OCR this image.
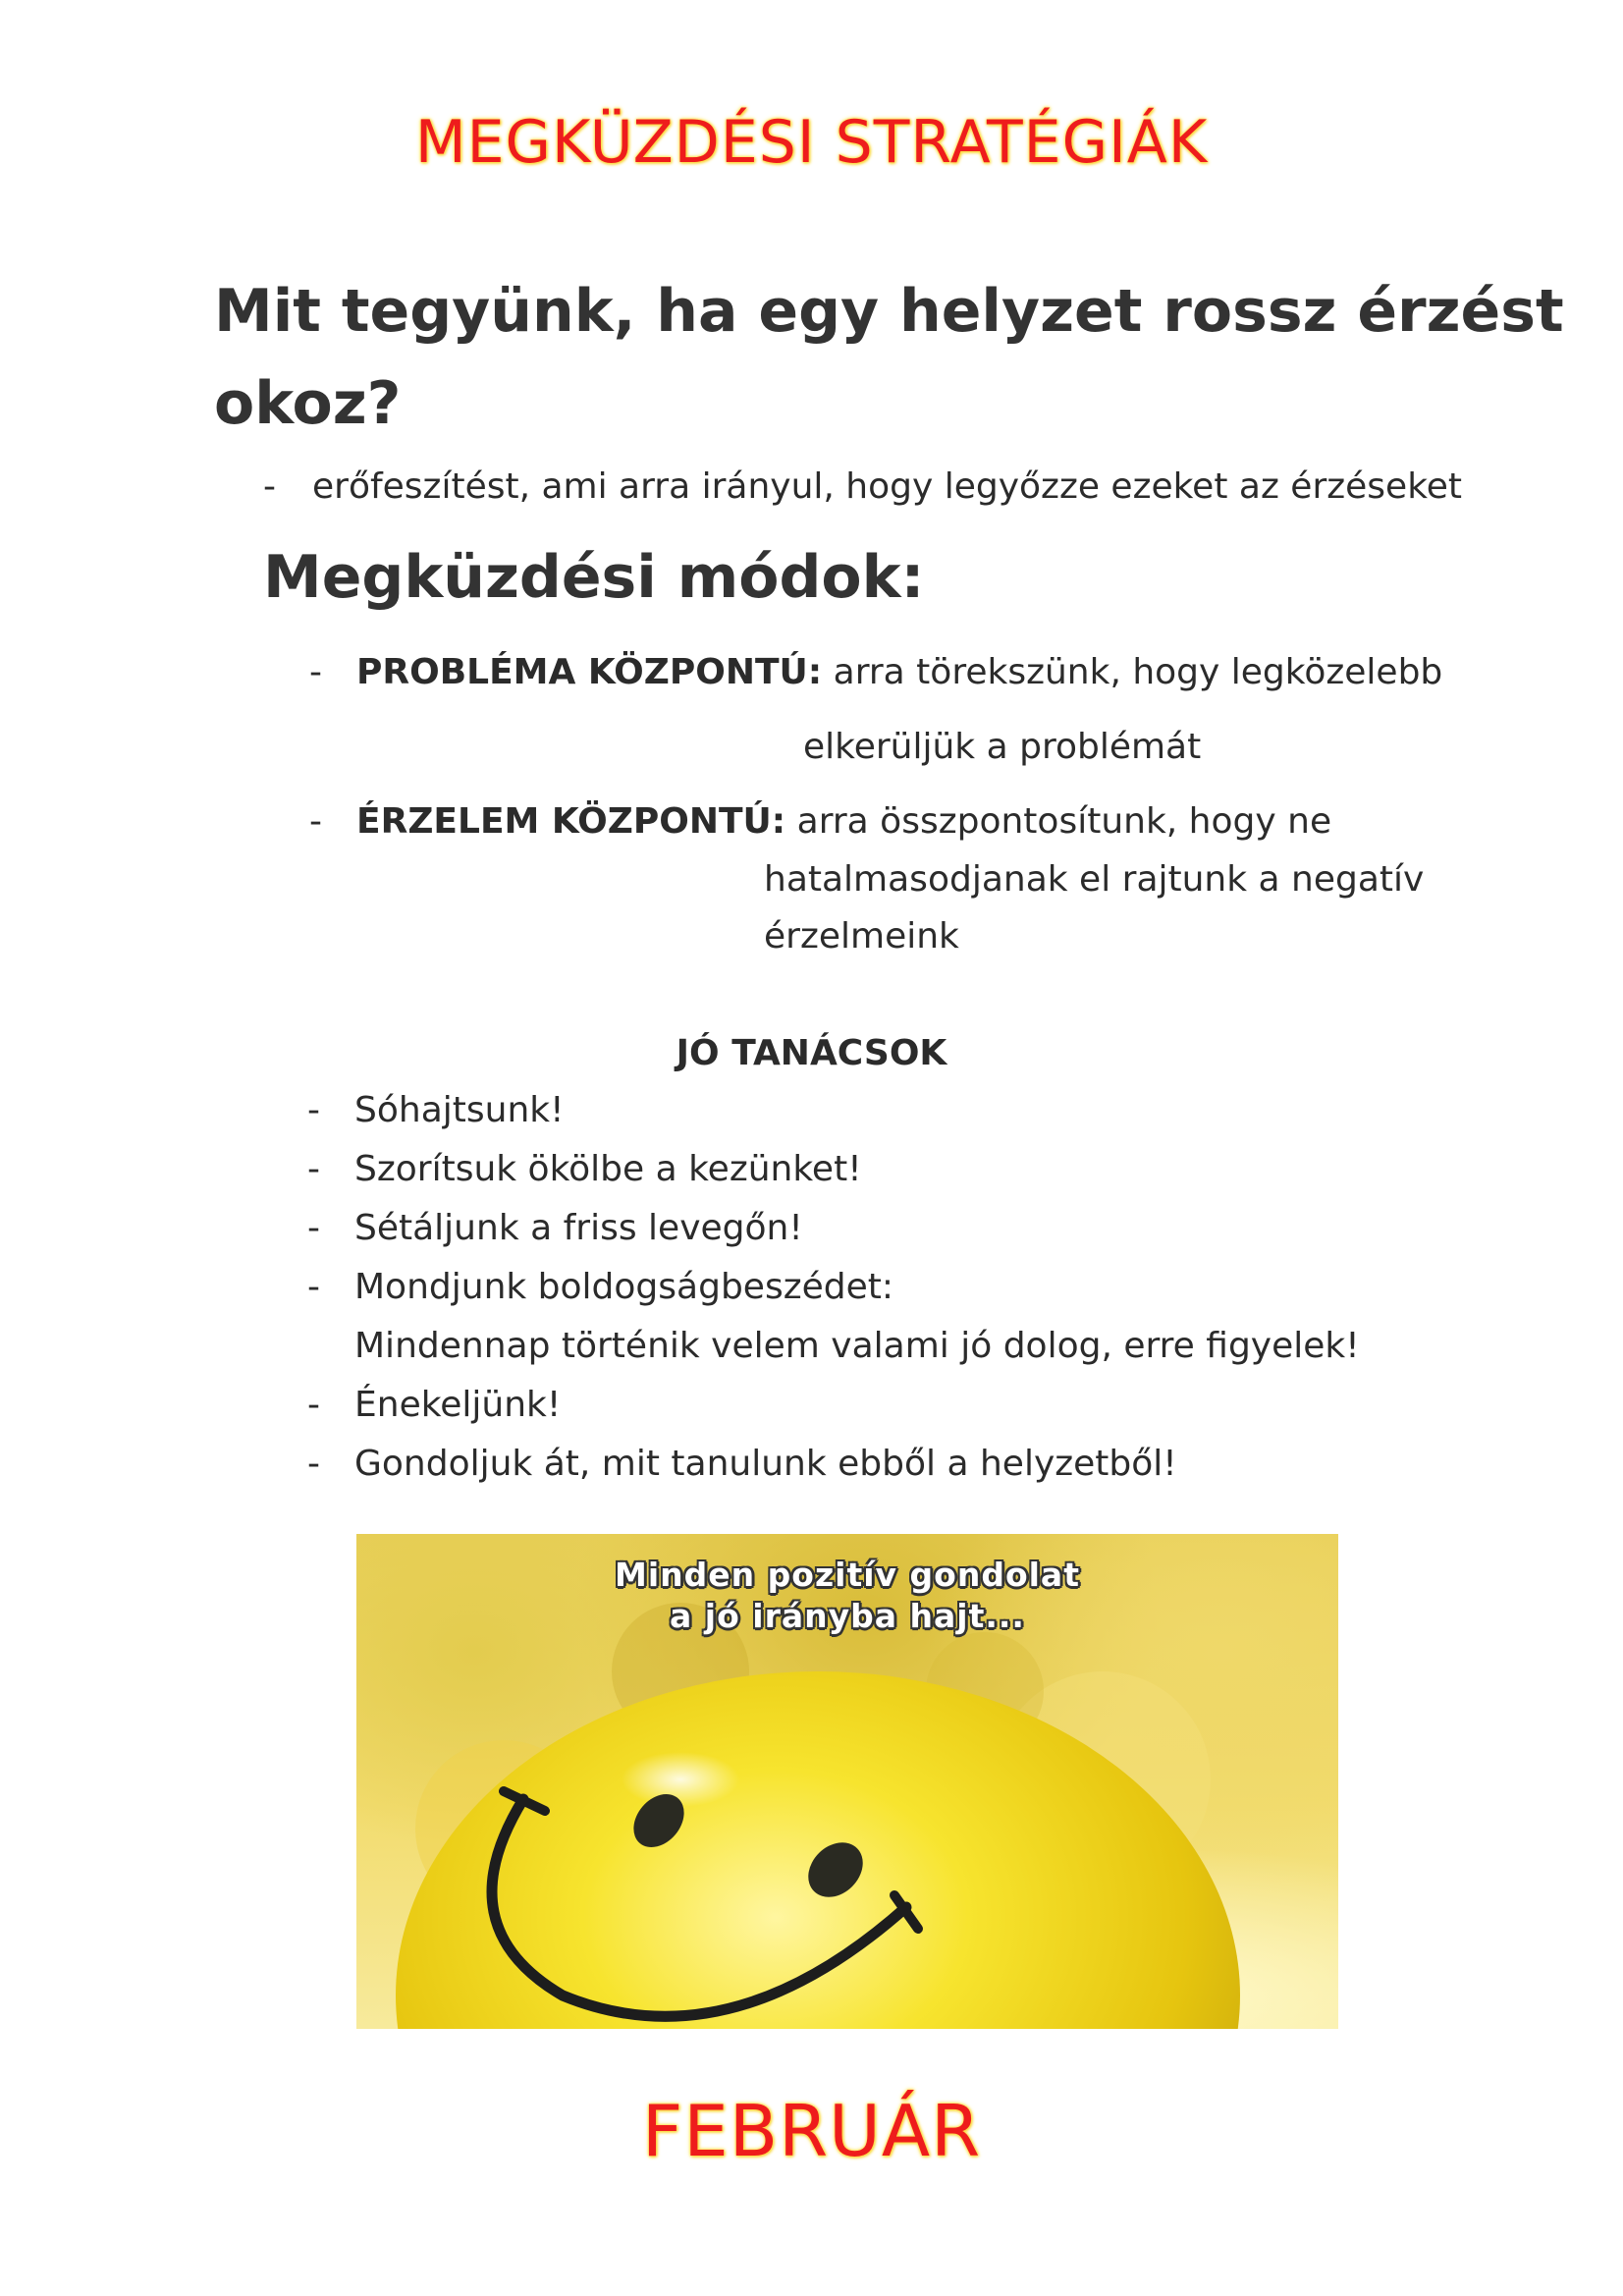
MEGKÜZDÉSI STRATÉGIÁK
Mit tegyünk, ha egy helyzet rossz érzést
okoz?
- erőfeszítést, ami arra irányul, hogy legyőzze ezeket az érzéseket
Megküzdési módok:
- PROBLÉMA KÖZPONTÚ: arra törekszünk, hogy legközelebb
elkerüljük a problémát
- ÉRZELEM KÖZPONTÚ: arra összpontosítunk, hogy ne
hatalmasodjanak el rajtunk a negatív
érzelmeink
JÓ TANÁCSOK
- Sóhajtsunk!
- Szorítsuk ökölbe a kezünket!
- Sétáljunk a friss levegőn!
- Mondjunk boldogságbeszédet:
Mindennap történik velem valami jó dolog, erre figyelek!
- Énekeljünk!
- Gondoljuk át, mit tanulunk ebből a helyzetből!
Minden pozitív gondolat
a jó irányba hajt...
FEBRUÁR
